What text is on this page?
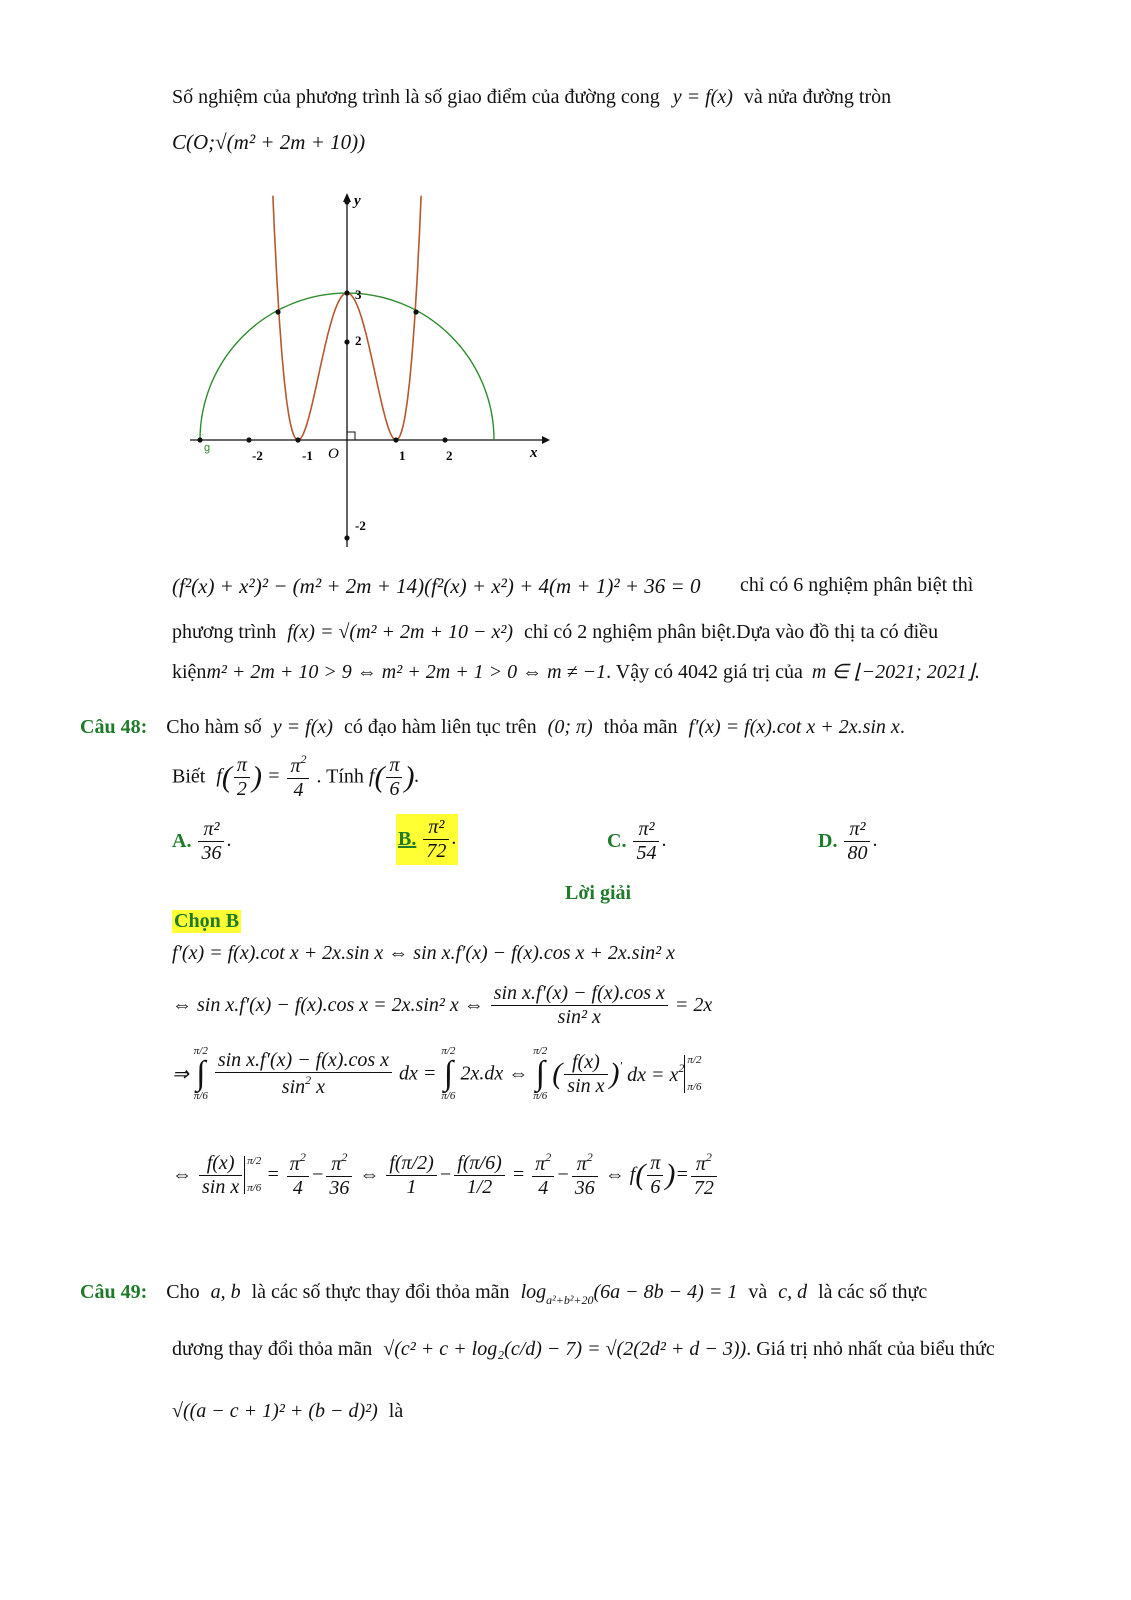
Số nghiệm của phương trình là số giao điểm của đường cong y = f(x) và nửa đường tròn
C(O;√(m² + 2m + 10))
x
y
O
g	-2	-1	1	2
3
2
-2
(f²(x) + x²)² − (m² + 2m + 14)(f²(x) + x²) + 4(m + 1)² + 36 = 0 chỉ có 6 nghiệm phân biệt thì
phương trình f(x) = √(m² + 2m + 10 − x²) chỉ có 2 nghiệm phân biệt.Dựa vào đồ thị ta có điều
kiệnm² + 2m + 10 > 9 ⇔ m² + 2m + 1 > 0 ⇔ m ≠ −1. Vậy có 4042 giá trị của m ∈ ⌊−2021; 2021⌋.
Câu 48: Cho hàm số y = f(x) có đạo hàm liên tục trên (0; π) thỏa mãn f′(x) = f(x).cot x + 2x.sin x.
Biết $f( \frac{\pi}{2}$ ) = $\frac{\pi^2}{4}$ . Tính $f( \frac{\pi}{6}$ ).
A. $\frac{\text{π²}}{36}$ .	B. $\frac{\text{π²}}{72}$ .	C. $\frac{\text{π²}}{54}$ .	D. $\frac{\text{π²}}{80}$ .
Lời giải
Chọn B
f′(x) = f(x).cot x + 2x.sin x ⇔ sin x.f′(x) − f(x).cos x + 2x.sin² x
⇔ sin x.f′(x) − f(x).cos x = 2x.sin² x ⇔ $\frac{\text{sin x.f′(x) − f(x).cos x}}{\text{sin² x}} = 2x$
⇒
π/2
∫
π/6
$\frac{\text{sin x.f′(x) − f(x).cos x}}{\sin^2 x}$ dx =
π/2
∫
π/6
2x.dx ⇔
π/2
∫
π/6
( $\frac{f(x)}{\text{sin x}} )'$ dx = $x^2$
π/2
π/6
⇔ $\frac{f(x)}{\text{sin x}} \pi/2$
π/6
= $\frac{\pi^2}{4} - \frac{\pi^2}{36}$ ⇔ $\frac{f(\pi/2)}{1} - \frac{f(\pi/6)}{1/2} = \frac{\pi^2}{4} - \frac{\pi^2}{36}$ ⇔ $f( \frac{\pi}{6}$ )= $\frac{\pi^2}{72}$
Câu 49: Cho a, b là các số thực thay đổi thỏa mãn $\log_{a^2+b^2+20}(6a - 8b - 4) = 1$ và c, d là các số thực
dương thay đổi thỏa mãn √(c² + c + log₂(c/d) − 7) = √(2(2d² + d − 3)). Giá trị nhỏ nhất của biểu thức
√((a − c + 1)² + (b − d)²) là
